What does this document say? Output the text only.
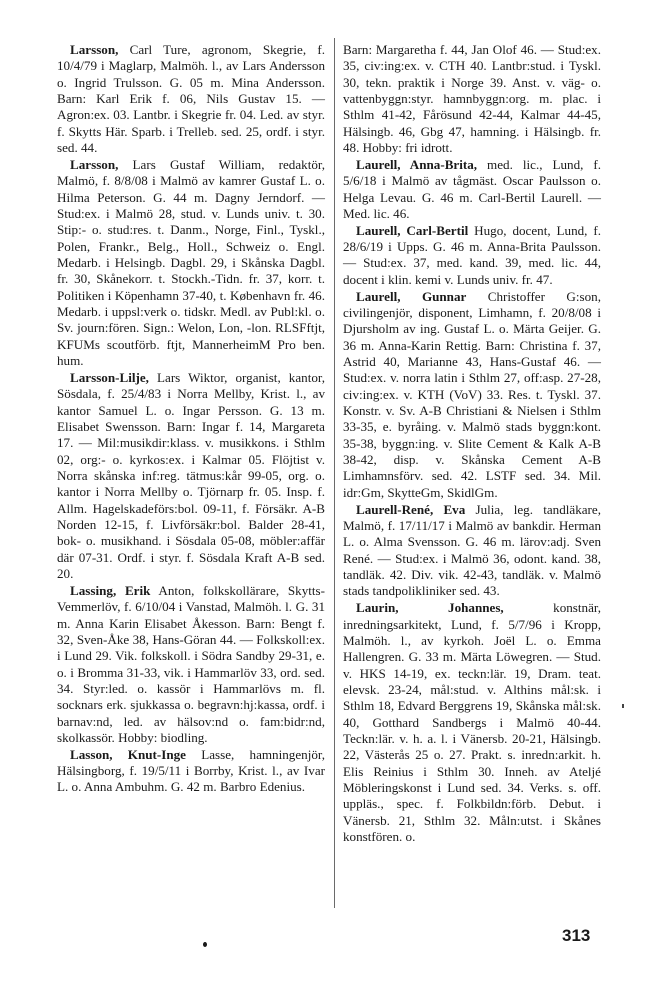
Larsson, Carl Ture, agronom, Skegrie, f. 10/4/79 i Maglarp, Malmöh. l., av Lars Andersson o. Ingrid Trulsson. G. 05 m. Mina Andersson. Barn: Karl Erik f. 06, Nils Gustav 15. — Agron:ex. 03. Lantbr. i Skegrie fr. 04. Led. av styr. f. Skytts Här. Sparb. i Trelleb. sed. 25, ordf. i styr. sed. 44.

Larsson, Lars Gustaf William, redaktör, Malmö, f. 8/8/08 i Malmö av kamrer Gustaf L. o. Hilma Peterson. G. 44 m. Dagny Jerndorf. — Stud:ex. i Malmö 28, stud. v. Lunds univ. t. 30. Stip:- o. stud:res. t. Danm., Norge, Finl., Tyskl., Polen, Frankr., Belg., Holl., Schweiz o. Engl. Medarb. i Helsingb. Dagbl. 29, i Skånska Dagbl. fr. 30, Skånekorr. t. Stockh.-Tidn. fr. 37, korr. t. Politiken i Köpenhamn 37-40, t. København fr. 46. Medarb. i uppsl:verk o. tidskr. Medl. av Publ:kl. o. Sv. journ:fören. Sign.: Welon, Lon, -lon. RLSFftjt, KFUMs scoutförb. ftjt, MannerheimM Pro ben. hum.

Larsson-Lilje, Lars Wiktor, organist, kantor, Sösdala, f. 25/4/83 i Norra Mellby, Krist. l., av kantor Samuel L. o. Ingar Persson. G. 13 m. Elisabet Swensson. Barn: Ingar f. 14, Margareta 17. — Mil:musikdir:klass. v. musikkons. i Sthlm 02, org:- o. kyrkos:ex. i Kalmar 05. Flöjtist v. Norra skånska inf:reg. tätmus:kår 99-05, org. o. kantor i Norra Mellby o. Tjörnarp fr. 05. Insp. f. Allm. Hagelskadeförs:bol. 09-11, f. Försäkr. A-B Norden 12-15, f. Livförsäkr:bol. Balder 28-41, bok- o. musikhand. i Sösdala 05-08, möbler:affär där 07-31. Ordf. i styr. f. Sösdala Kraft A-B sed. 20.

Lassing, Erik Anton, folkskollärare, Skytts-Vemmerlöv, f. 6/10/04 i Vanstad, Malmöh. l. G. 31 m. Anna Karin Elisabet Åkesson. Barn: Bengt f. 32, Sven-Åke 38, Hans-Göran 44. — Folkskoll:ex. i Lund 29. Vik. folkskoll. i Södra Sandby 29-31, e. o. i Bromma 31-33, vik. i Hammarlöv 33, ord. sed. 34. Styr:led. o. kassör i Hammarlövs m. fl. socknars erk. sjukkassa o. begravn:hj:kassa, ordf. i barnav:nd, led. av hälsov:nd o. fam:bidr:nd, skolkassör. Hobby: biodling.

Lasson, Knut-Inge Lasse, hamningenjör, Hälsingborg, f. 19/5/11 i Borrby, Krist. l., av Ivar L. o. Anna Ambuhm. G. 42 m. Barbro Edenius.

Barn: Margaretha f. 44, Jan Olof 46. — Stud:ex. 35, civ:ing:ex. v. CTH 40. Lantbr:stud. i Tyskl. 30, tekn. praktik i Norge 39. Anst. v. väg- o. vattenbyggn:styr. hamnbyggn:org. m. plac. i Sthlm 41-42, Fårösund 42-44, Kalmar 44-45, Hälsingb. 46, Gbg 47, hamning. i Hälsingb. fr. 48. Hobby: fri idrott.

Laurell, Anna-Brita, med. lic., Lund, f. 5/6/18 i Malmö av tågmäst. Oscar Paulsson o. Helga Levau. G. 46 m. Carl-Bertil Laurell. — Med. lic. 46.

Laurell, Carl-Bertil Hugo, docent, Lund, f. 28/6/19 i Upps. G. 46 m. Anna-Brita Paulsson. — Stud:ex. 37, med. kand. 39, med. lic. 44, docent i klin. kemi v. Lunds univ. fr. 47.

Laurell, Gunnar Christoffer G:son, civilingenjör, disponent, Limhamn, f. 20/8/08 i Djursholm av ing. Gustaf L. o. Märta Geijer. G. 36 m. Anna-Karin Rettig. Barn: Christina f. 37, Astrid 40, Marianne 43, Hans-Gustaf 46. — Stud:ex. v. norra latin i Sthlm 27, off:asp. 27-28, civ:ing:ex. v. KTH (VoV) 33. Res. t. Tyskl. 37. Konstr. v. Sv. A-B Christiani & Nielsen i Sthlm 33-35, e. byråing. v. Malmö stads byggn:kont. 35-38, byggn:ing. v. Slite Cement & Kalk A-B 38-42, disp. v. Skånska Cement A-B Limhamnsförv. sed. 42. LSTF sed. 34. Mil. idr:Gm, SkytteGm, SkidlGm.

Laurell-René, Eva Julia, leg. tandläkare, Malmö, f. 17/11/17 i Malmö av bankdir. Herman L. o. Alma Svensson. G. 46 m. lärov:adj. Sven René. — Stud:ex. i Malmö 36, odont. kand. 38, tandläk. 42. Div. vik. 42-43, tandläk. v. Malmö stads tandpolikliniker sed. 43.

Laurin, Johannes, konstnär, inredningsarkitekt, Lund, f. 5/7/96 i Kropp, Malmöh. l., av kyrkoh. Joël L. o. Emma Hallengren. G. 33 m. Märta Löwegren. — Stud. v. HKS 14-19, ex. teckn:lär. 19, Dram. teat. elevsk. 23-24, mål:stud. v. Althins mål:sk. i Sthlm 18, Edvard Berggrens 19, Skånska mål:sk. 40, Gotthard Sandbergs i Malmö 40-44. Teckn:lär. v. h. a. l. i Vänersb. 20-21, Hälsingb. 22, Västerås 25 o. 27. Prakt. s. inredn:arkit. h. Elis Reinius i Sthlm 30. Inneh. av Ateljé Möbleringskonst i Lund sed. 34. Verks. s. off. uppläs., spec. f. Folkbildn:förb. Debut. i Vänersb. 21, Sthlm 32. Måln:utst. i Skånes konstfören. o.

313
